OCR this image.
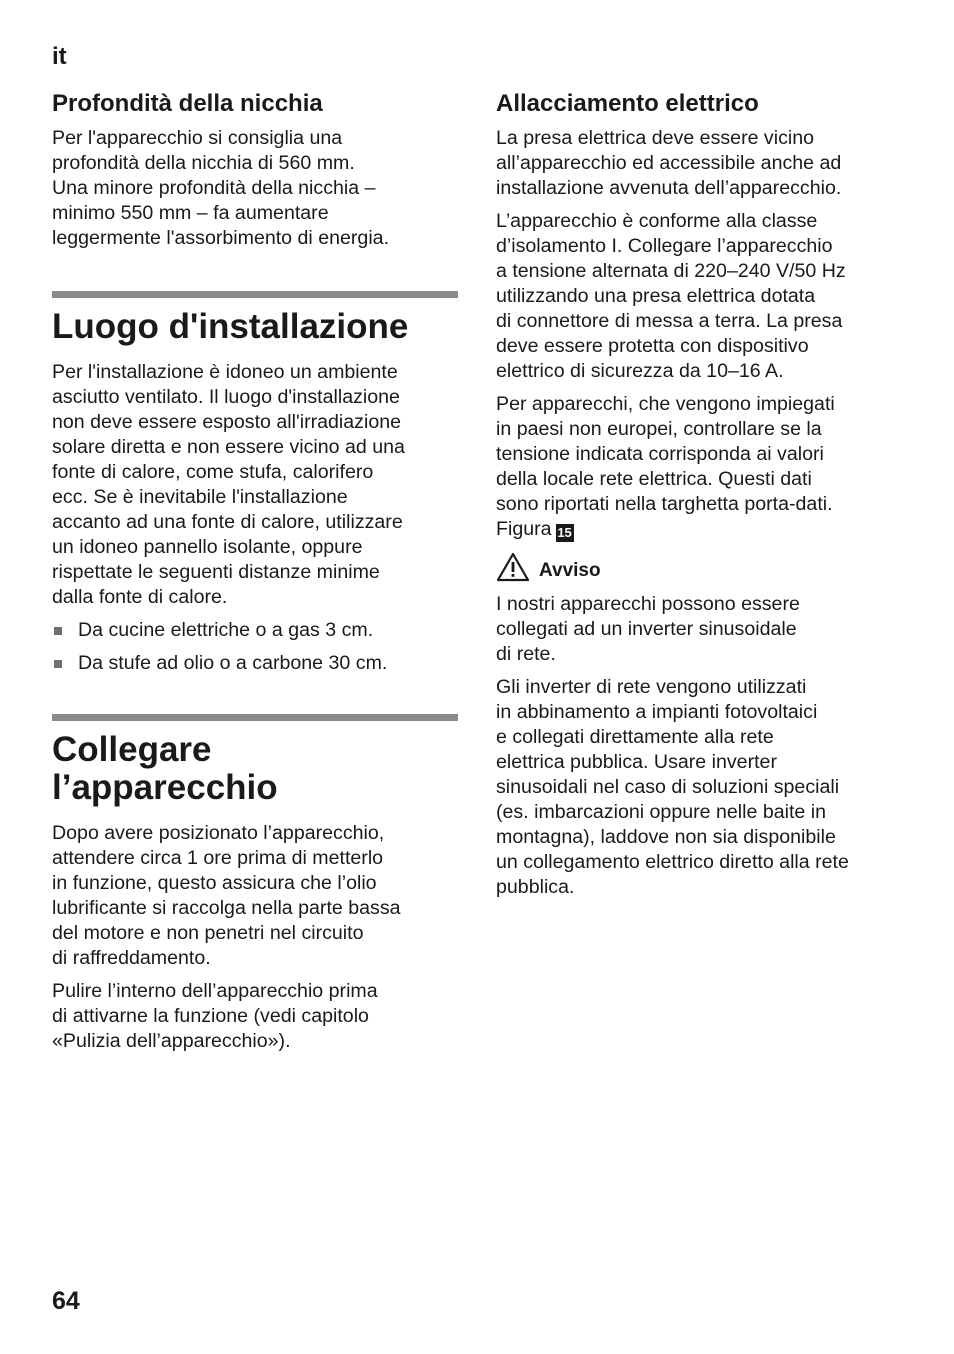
it
Profondità della nicchia

Per l'apparecchio si consiglia una
profondità della nicchia di 560 mm.
Una minore profondità della nicchia –
minimo 550 mm – fa aumentare
leggermente l'assorbimento di energia.

Luogo d'installazione

Per l'installazione è idoneo un ambiente
asciutto ventilato. Il luogo d'installazione
non deve essere esposto all'irradiazione
solare diretta e non essere vicino ad una
fonte di calore, come stufa, calorifero
ecc. Se è inevitabile l'installazione
accanto ad una fonte di calore, utilizzare
un idoneo pannello isolante, oppure
rispettate le seguenti distanze minime
dalla fonte di calore.

Da cucine elettriche o a gas 3 cm.
Da stufe ad olio o a carbone 30 cm.
Collegare
l’apparecchio

Dopo avere posizionato l’apparecchio,
attendere circa 1 ore prima di metterlo
in funzione, questo assicura che l’olio
lubrificante si raccolga nella parte bassa
del motore e non penetri nel circuito
di raffreddamento.

Pulire l’interno dell’apparecchio prima
di attivarne la funzione (vedi capitolo
«Pulizia dell’apparecchio»).

Allacciamento elettrico

La presa elettrica deve essere vicino
all’apparecchio ed accessibile anche ad
installazione avvenuta dell’apparecchio.

L’apparecchio è conforme alla classe
d’isolamento I. Collegare l’apparecchio
a tensione alternata di 220–240 V/50 Hz
utilizzando una presa elettrica dotata
di connettore di messa a terra. La presa
deve essere protetta con dispositivo
elettrico di sicurezza da 10–16 A.

Per apparecchi, che vengono impiegati
in paesi non europei, controllare se la
tensione indicata corrisponda ai valori
della locale rete elettrica. Questi dati
sono riportati nella targhetta porta-dati.
Figura 15

Avviso

I nostri apparecchi possono essere
collegati ad un inverter sinusoidale
di rete.

Gli inverter di rete vengono utilizzati
in abbinamento a impianti fotovoltaici
e collegati direttamente alla rete
elettrica pubblica. Usare inverter
sinusoidali nel caso di soluzioni speciali
(es. imbarcazioni oppure nelle baite in
montagna), laddove non sia disponibile
un collegamento elettrico diretto alla rete
pubblica.

64
